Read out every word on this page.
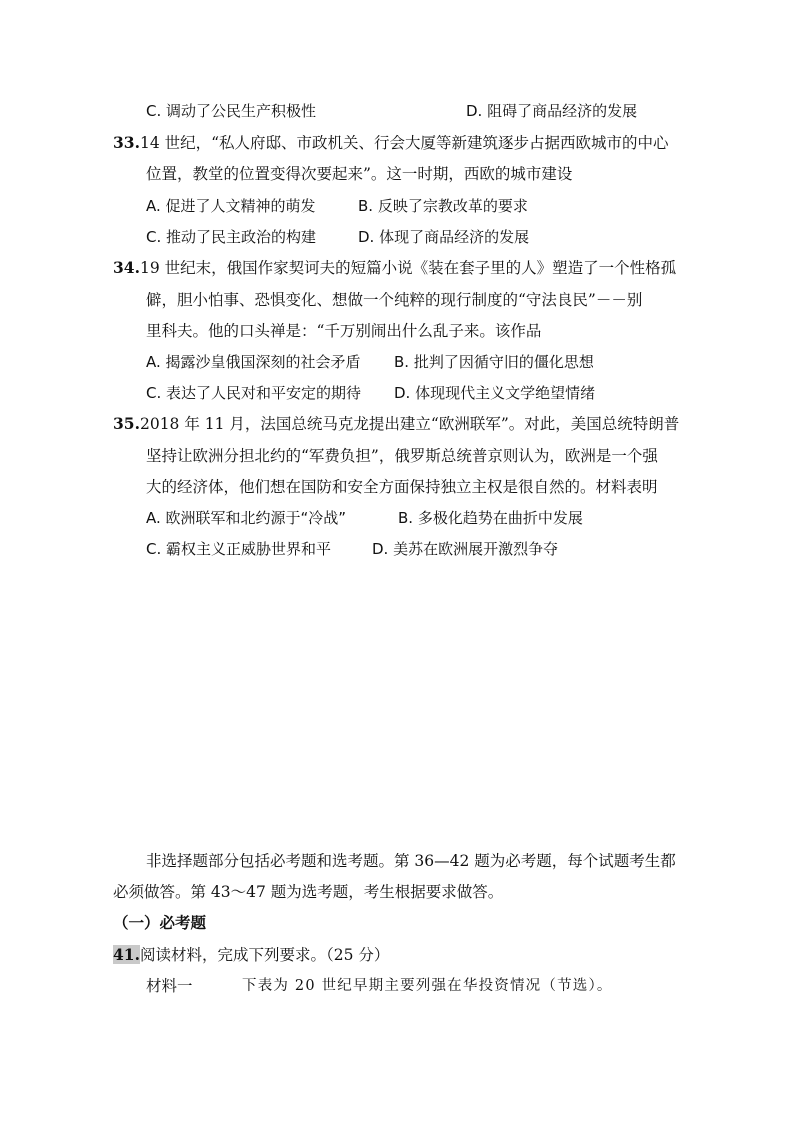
C. 调动了公民生产积极性	D. 阻碍了商品经济的发展
33.14 世纪，“私人府邸、市政机关、行会大厦等新建筑逐步占据西欧城市的中心
位置，教堂的位置变得次要起来”。这一时期，西欧的城市建设
A. 促进了人文精神的萌发	B. 反映了宗教改革的要求
C. 推动了民主政治的构建	D. 体现了商品经济的发展
34.19 世纪末，俄国作家契诃夫的短篇小说《装在套子里的人》塑造了一个性格孤
僻，胆小怕事、恐惧变化、想做一个纯粹的现行制度的“守法良民”－－别
里科夫。他的口头禅是：“千万别闹出什么乱子来。该作品
A. 揭露沙皇俄国深刻的社会矛盾 B. 批判了因循守旧的僵化思想
C. 表达了人民对和平安定的期待 D. 体现现代主义文学绝望情绪
35.2018 年 11 月，法国总统马克龙提出建立“欧洲联军”。对此，美国总统特朗普
坚持让欧洲分担北约的“军费负担”，俄罗斯总统普京则认为，欧洲是一个强
大的经济体，他们想在国防和安全方面保持独立主权是很自然的。材料表明
A. 欧洲联军和北约源于“冷战”	B. 多极化趋势在曲折中发展
C. 霸权主义正威胁世界和平	D. 美苏在欧洲展开激烈争夺
非选择题部分包括必考题和选考题。第 36—42 题为必考题，每个试题考生都
必须做答。第 43～47 题为选考题，考生根据要求做答。
（一）必考题
41.阅读材料，完成下列要求。（25 分）
材料一	下表为 20 世纪早期主要列强在华投资情况（节选）。
